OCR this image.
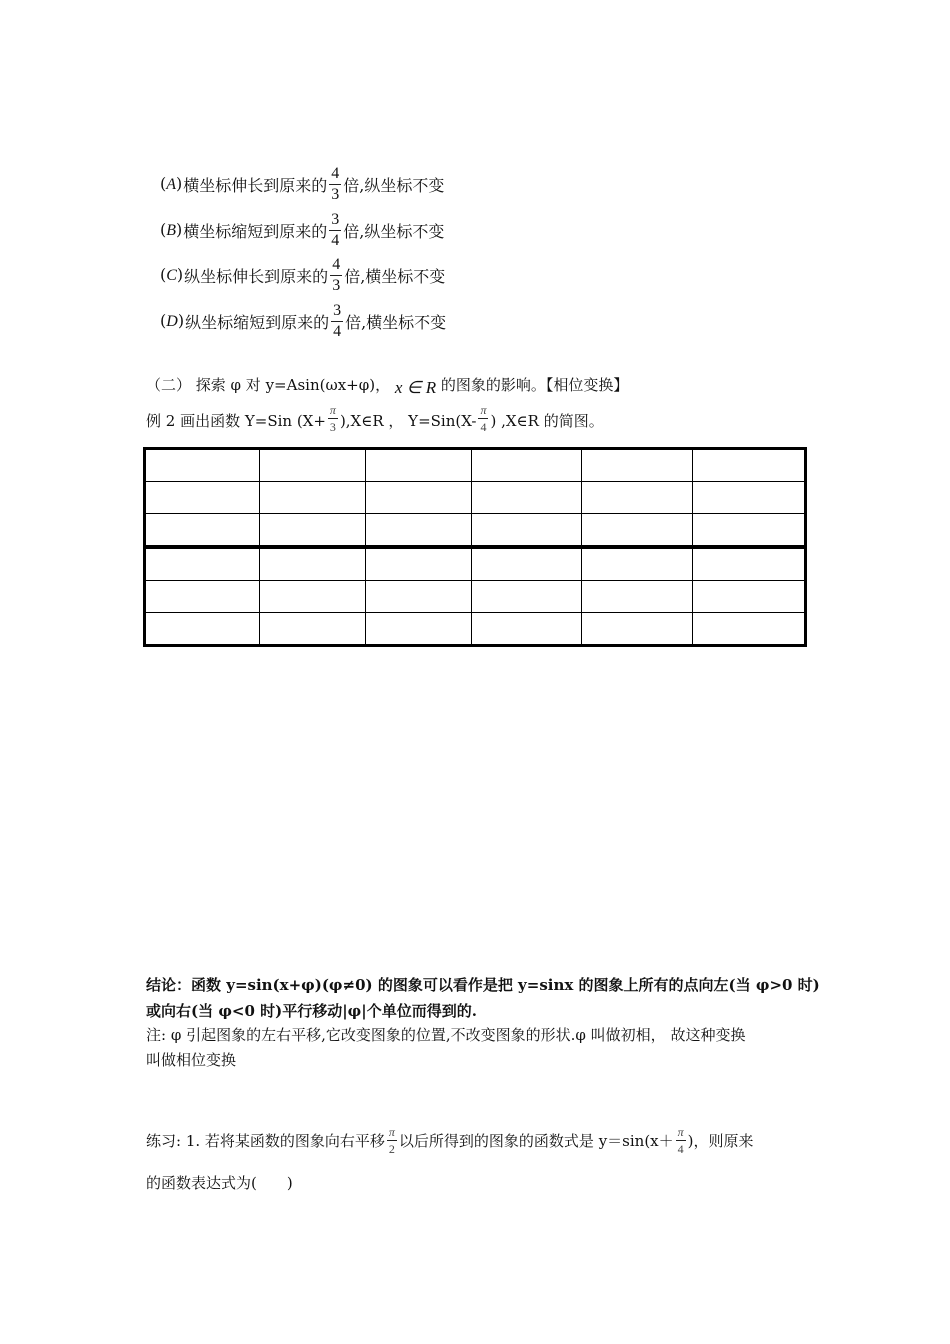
(A) 横坐标伸长到原来的 $\frac{4}{3}$ 倍,纵坐标不变
(B) 横坐标缩短到原来的 $\frac{3}{4}$ 倍,纵坐标不变
(C) 纵坐标伸长到原来的 $\frac{4}{3}$ 倍,横坐标不变
(D) 纵坐标缩短到原来的 $\frac{3}{4}$ 倍,横坐标不变
（二） 探索 φ 对 y=Asin(ωx+φ)， x ∈ R 的图象的影响。【相位变换】
例 2 画出函数 Y=Sin ($X+ \frac{\pi}{3}$ ),X∈R ， $Y=Sin(X- \frac{\pi}{4}$ ) ,X∈R 的简图。

结论：函数 y=sin(x+φ)(φ≠0) 的图象可以看作是把 y=sinx 的图象上所有的点向左(当 φ>0 时)
或向右(当 φ<0 时)平行移动|φ|个单位而得到的.
注: φ 引起图象的左右平移,它改变图象的位置,不改变图象的形状.φ 叫做初相， 故这种变换
叫做相位变换
练习: 1. 若将某函数的图象向右平移 $\frac{\pi}{2}$ 以后所得到的图象的函数式是 $y=\sin(x+ \frac{\pi}{4}$ )，则原来
的函数表达式为(　　)
